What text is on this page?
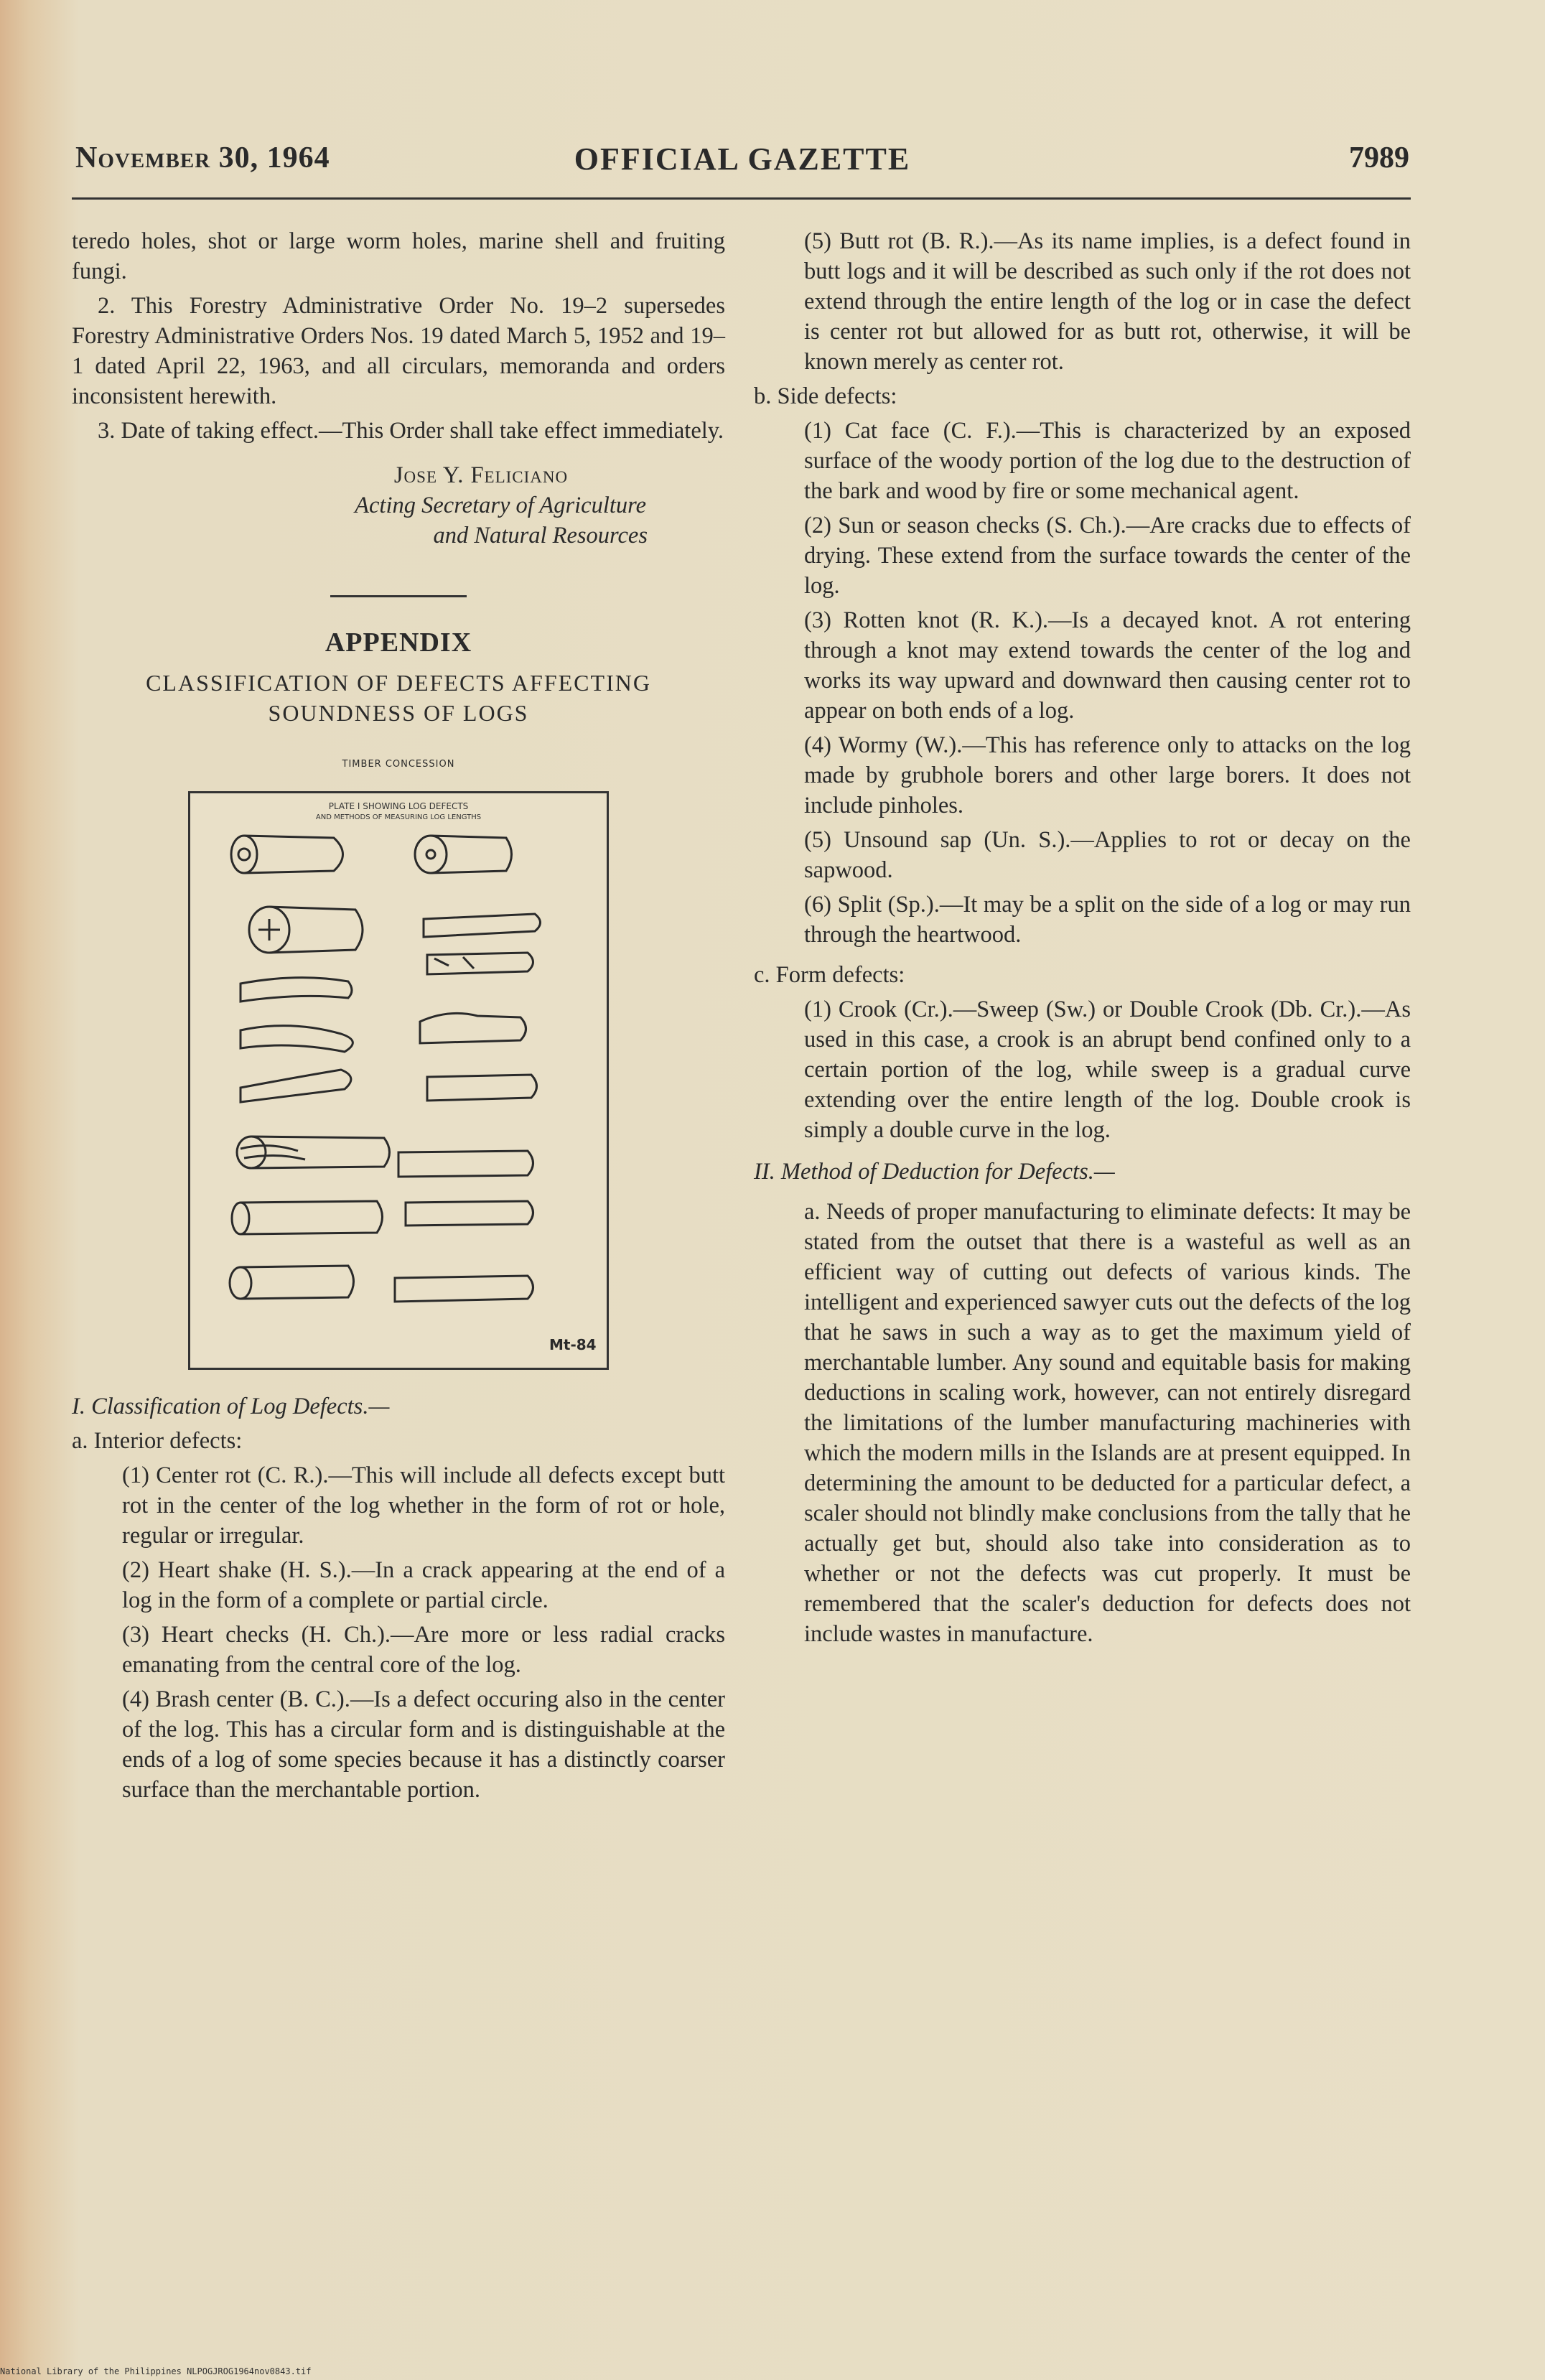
November 30, 1964	OFFICIAL GAZETTE	7989

teredo holes, shot or large worm holes, marine shell and fruiting fungi.

2. This Forestry Administrative Order No. 19–2 supersedes Forestry Administrative Orders Nos. 19 dated March 5, 1952 and 19–1 dated April 22, 1963, and all circulars, memoranda and orders inconsistent herewith.

3. Date of taking effect.—This Order shall take effect immediately.

Jose Y. Feliciano
Acting Secretary of Agriculture
and Natural Resources
APPENDIX
CLASSIFICATION OF DEFECTS AFFECTING
SOUNDNESS OF LOGS
TIMBER CONCESSION
PLATE I SHOWING LOG DEFECTS
AND METHODS OF MEASURING LOG LENGTHS
Mt-84

I. Classification of Log Defects.—

a. Interior defects:

(1) Center rot (C. R.).—This will include all defects except butt rot in the center of the log whether in the form of rot or hole, regular or irregular.

(2) Heart shake (H. S.).—In a crack appearing at the end of a log in the form of a complete or partial circle.

(3) Heart checks (H. Ch.).—Are more or less radial cracks emanating from the central core of the log.

(4) Brash center (B. C.).—Is a defect occuring also in the center of the log. This has a circular form and is distinguishable at the ends of a log of some species because it has a distinctly coarser surface than the merchantable portion.

(5) Butt rot (B. R.).—As its name implies, is a defect found in butt logs and it will be described as such only if the rot does not extend through the entire length of the log or in case the defect is center rot but allowed for as butt rot, otherwise, it will be known merely as center rot.

b. Side defects:

(1) Cat face (C. F.).—This is characterized by an exposed surface of the woody portion of the log due to the destruction of the bark and wood by fire or some mechanical agent.

(2) Sun or season checks (S. Ch.).—Are cracks due to effects of drying. These extend from the surface towards the center of the log.

(3) Rotten knot (R. K.).—Is a decayed knot. A rot entering through a knot may extend towards the center of the log and works its way upward and downward then causing center rot to appear on both ends of a log.

(4) Wormy (W.).—This has reference only to attacks on the log made by grubhole borers and other large borers. It does not include pinholes.

(5) Unsound sap (Un. S.).—Applies to rot or decay on the sapwood.

(6) Split (Sp.).—It may be a split on the side of a log or may run through the heartwood.

c. Form defects:

(1) Crook (Cr.).—Sweep (Sw.) or Double Crook (Db. Cr.).—As used in this case, a crook is an abrupt bend confined only to a certain portion of the log, while sweep is a gradual curve extending over the entire length of the log. Double crook is simply a double curve in the log.

II. Method of Deduction for Defects.—

a. Needs of proper manufacturing to eliminate defects: It may be stated from the outset that there is a wasteful as well as an efficient way of cutting out defects of various kinds. The intelligent and experienced sawyer cuts out the defects of the log that he saws in such a way as to get the maximum yield of merchantable lumber. Any sound and equitable basis for making deductions in scaling work, however, can not entirely disregard the limitations of the lumber manufacturing machineries with which the modern mills in the Islands are at present equipped. In determining the amount to be deducted for a particular defect, a scaler should not blindly make conclusions from the tally that he actually get but, should also take into consideration as to whether or not the defects was cut properly. It must be remembered that the scaler's deduction for defects does not include wastes in manufacture.

National Library of the Philippines NLPOGJROG1964nov0843.tif
